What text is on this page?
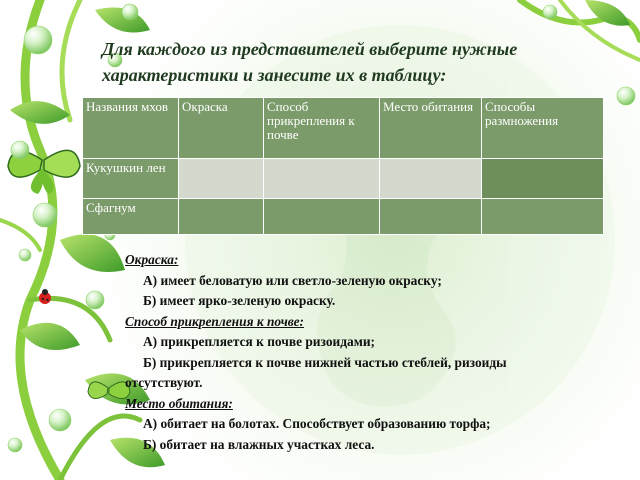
Для каждого из представителей выберите нужные характеристики и занесите их в таблицу:
Названия мхов	Окраска	Способ прикрепления к почве	Место обитания	Способы размножения
Кукушкин лен				
Сфагнум				

Окраска:

А) имеет беловатую или светло-зеленую окраску;

Б) имеет ярко-зеленую окраску.

Способ прикрепления к почве:

А) прикрепляется к почве ризоидами;

Б) прикрепляется к почве нижней частью стеблей, ризоиды

отсутствуют.

Место обитания:

А) обитает на болотах. Способствует образованию торфа;

Б) обитает на влажных участках леса.
